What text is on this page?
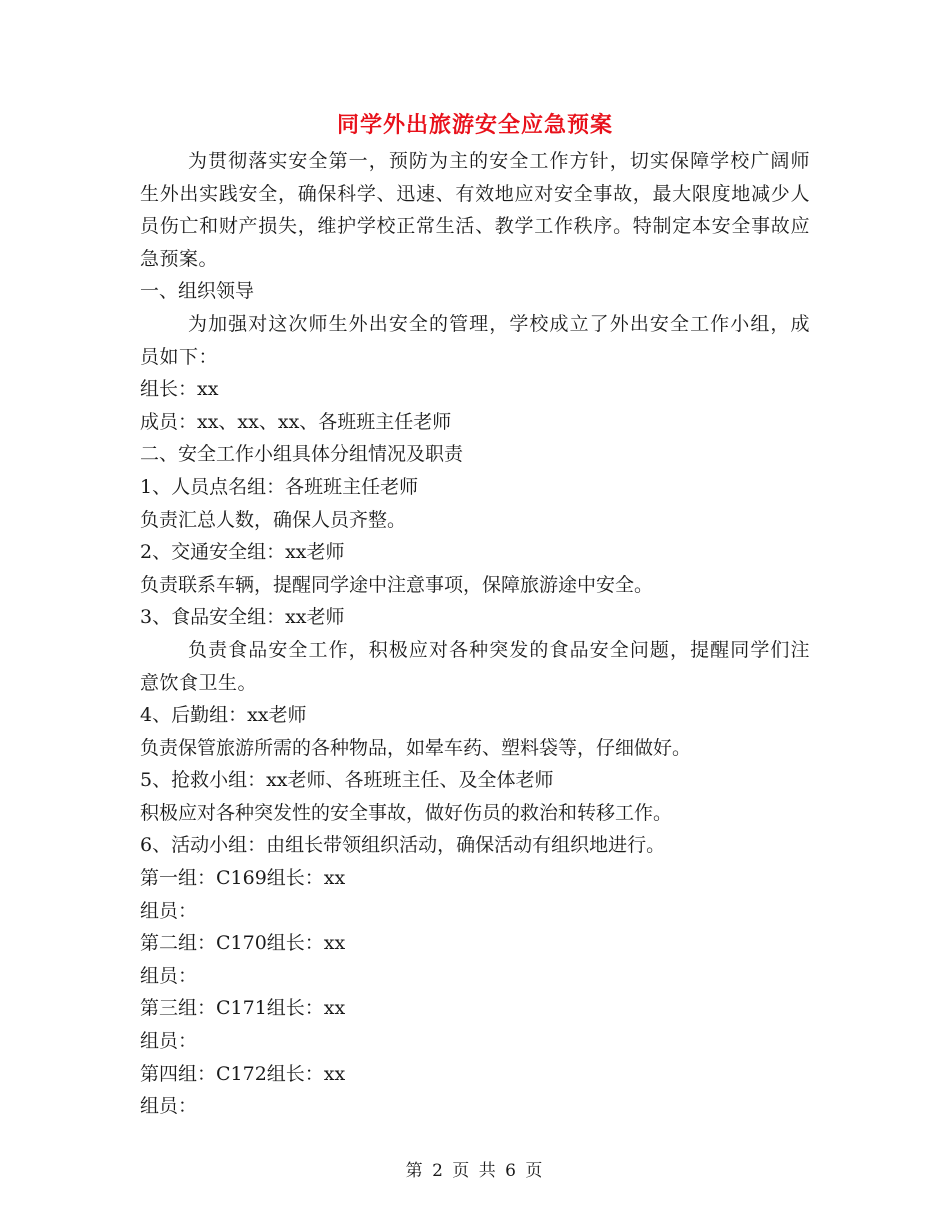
同学外出旅游安全应急预案

为贯彻落实安全第一，预防为主的安全工作方针，切实保障学校广阔师生外出实践安全，确保科学、迅速、有效地应对安全事故，最大限度地减少人员伤亡和财产损失，维护学校正常生活、教学工作秩序。特制定本安全事故应急预案。

一、组织领导

为加强对这次师生外出安全的管理，学校成立了外出安全工作小组，成员如下：

组长：xx

成员：xx、xx、xx、各班班主任老师

二、安全工作小组具体分组情况及职责

1、人员点名组：各班班主任老师

负责汇总人数，确保人员齐整。

2、交通安全组：xx老师

负责联系车辆，提醒同学途中注意事项，保障旅游途中安全。

3、食品安全组：xx老师

负责食品安全工作，积极应对各种突发的食品安全问题，提醒同学们注意饮食卫生。

4、后勤组：xx老师

负责保管旅游所需的各种物品，如晕车药、塑料袋等，仔细做好。

5、抢救小组：xx老师、各班班主任、及全体老师

积极应对各种突发性的安全事故，做好伤员的救治和转移工作。

6、活动小组：由组长带领组织活动，确保活动有组织地进行。

第一组：C169组长：xx

组员：

第二组：C170组长：xx

组员：

第三组：C171组长：xx

组员：

第四组：C172组长：xx

组员：

第 2 页 共 6 页
